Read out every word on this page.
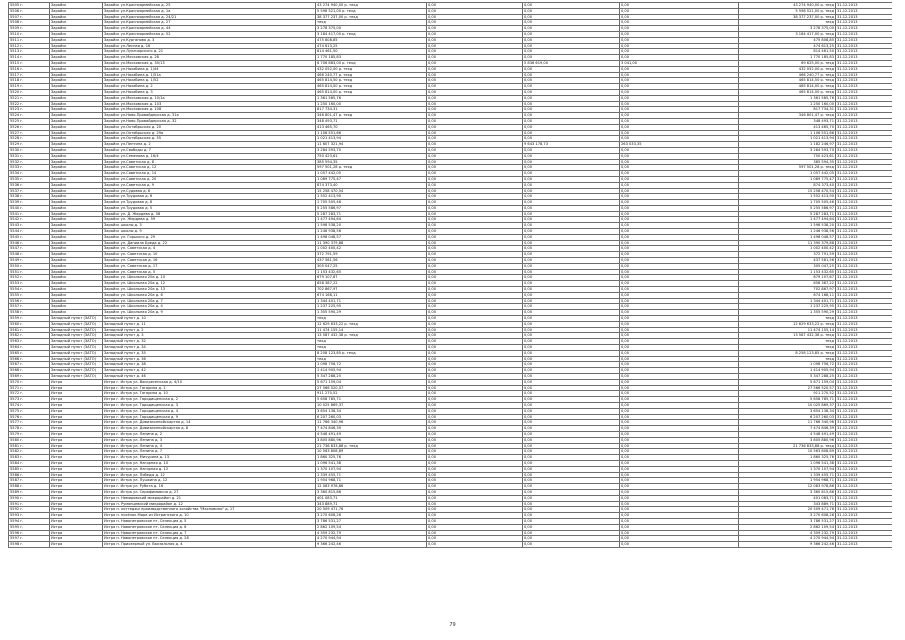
5505 г.	Зарайск	Зарайск ул.Красноармейская д. 25	43 274 940,00 р. техд	0,00	0,00	0,00	43 274 940,00 р. техд	31.12.2013
5506 г.	Зарайск	Зарайск ул.Красноармейская д. 1а	5 598 521,00 р. техд	0,00	0,00	0,00	5 598 521,00 р. техд	31.12.2013
5507 г.	Зарайск	Зарайск ул.Красноармейская д. 24/21	38 377 237,00 р. техд	0,00	0,00	0,00	38 377 237,00 р. техд	31.12.2013
5508 г.	Зарайск	Зарайск ул.Красноармейская д. 27	техд	0,00	0,00	0,00	техд	31.12.2013
5509 г.	Зарайск	Зарайск ул.Красноармейская д. 44	3 278 375,00	0,00	0,00	0,00	3 278 375,00	31.12.2013
5510 г.	Зарайск	Зарайск ул.Красноармейская д. 52	3 184 417,00 р. техд	0,00	0,00	0,00	3 184 417,00 р. техд	31.12.2013
5511 г.	Зарайск	Зарайск ул.Курганова д. 3	475 808,85	0,00	0,00	0,00	475 808,85	31.12.2013
5512 г.	Зарайск	Зарайск ул.Лесная д. 16	474 613,25	0,00	0,00	0,00	474 613,25	31.12.2013
5513 г.	Зарайск	Зарайск ул.Луначарского д. 21	814 461,50	0,00	0,00	0,00	814 461,50	31.12.2013
5514 г.	Зарайск	Зарайск ул.Московская д. 28	1 770 185,83	0,00	0,00	0,00	1 770 185,83	31.12.2013
5515 г.	Зарайск	Зарайск ул.Московская д. 30/13	6 706 883,00 р. техд	0,00	5 836 619,00	3 041,00	69 625,00 р. техд	31.12.2013
5516 г.	Зарайск	Зарайск ул.Нахабина д. 1/44	432 052,00 р. техд	0,00	0,00	0,00	432 052,00 р. техд	31.12.2013
5517 г.	Зарайск	Зарайск ул.Нахабина д. 1/51а	466 240,77 р. техд	0,00	0,00	0,00	466 240,77 р. техд	31.12.2013
5518 г.	Зарайск	Зарайск ул.Нахабина д. 1/52	465 814,50 р. техд	0,00	0,00	0,00	465 814,50 р. техд	31.12.2013
5519 г.	Зарайск	Зарайск ул.Нахабина д. 2	465 814,00 р. техд	0,00	0,00	0,00	465 814,00 р. техд	31.12.2013
5520 г.	Зарайск	Зарайск ул.Нахабина д. 3	465 814,00 р. техд	0,00	0,00	0,00	465 814,00 р. техд	31.12.2013
5521 г.	Зарайск	Зарайск ул.Московская д. 10/1а	1 361 585,76	0,00	0,00	0,00	1 361 585,76	31.12.2013
5522 г.	Зарайск	Зарайск ул.Московская д. 103	1 250 160,00	0,00	0,00	0,00	1 250 160,00	31.12.2013
5523 г.	Зарайск	Зарайск ул.Московская д. 108	817 734,31	0,00	0,00	0,00	817 734,31	31.12.2013
5524 г.	Зарайск	Зарайск ул.Ново-Провайдерская д. 31а	346 801,47 р. техд	0,00	0,00	0,00	346 801,47 р. техд	31.12.2013
5525 г.	Зарайск	Зарайск ул.Ново-Провайдерская д. 32	348 493,71	0,00	0,00	0,00	348 493,71	31.12.2013
5526 г.	Зарайск	Зарайск ул.Октябрьская д. 20	413 465,70	0,00	0,00	0,00	413 465,70	31.12.2013
5527 г.	Зарайск	Зарайск ул.Октябрьская д. 29а	1 106 551,66	0,00	0,00	0,00	1 106 551,66	31.12.2013
5528 г.	Зарайск	Зарайск ул.Октябрьская д. 55	1 021 413,94	0,00	0,00	0,00	1 021 413,94	31.12.2013
5529 г.	Зарайск	Зарайск ул.Пентина д. 2	11 607 321,94	0,00	9 643 178,73	263 033,35	1 182 246,97	31.12.2013
5530 г.	Зарайск	Зарайск ул.Свободы д. 7	3 284 593,70	0,00	0,00	0,00	3 284 593,70	31.12.2013
5531 г.	Зарайск	Зарайск ул.Семенова д. 16/4	750 423,61	0,00	0,00	0,00	750 423,61	31.12.2013
5532 г.	Зарайск	Зарайск ул.Советская д. 8	385 594,35	0,00	0,00	0,00	385 594,35	31.12.2013
5533 г.	Зарайск	Зарайск ул.Советская д. 12	597 501,28 р. техд	0,00	0,00	0,00	597 501,28 р. техд	31.12.2013
5534 г.	Зарайск	Зарайск ул.Советская д. 14	1 057 442,05	0,00	0,00	0,00	1 057 442,05	31.12.2013
5535 г.	Зарайск	Зарайск ул.Советская д. 20	1 089 775,47	0,00	0,00	0,00	1 089 775,47	31.12.2013
5536 г.	Зарайск	Зарайск ул.Советская д. 9	874 373,40	0,00	0,00	0,00	874 373,40	31.12.2013
5537 г.	Зарайск	Зарайск ул.Судовая д. 6	15 258 470,54	0,00	0,00	0,00	15 258 470,54	31.12.2013
5538 г.	Зарайск	Зарайск ул.Трудовая д. 6	1 552 413,90	0,00	0,00	0,00	1 552 413,90	31.12.2013
5539 г.	Зарайск	Зарайск ул.Трудовая д. 8	1 705 505,46	0,00	0,00	0,00	1 705 505,46	31.12.2013
5540 г.	Зарайск	Зарайск ул.Трудовая д. 5	5 255 586,97	0,00	0,00	0,00	5 255 586,97	31.12.2013
5541 г.	Зарайск	Зарайск ул. Д. Жердева д. 58	5 287 283,71	0,00	0,00	0,00	5 287 283,71	31.12.2013
5542 г.	Зарайск	Зарайск ул. Жердева д. 59	1 477 494,64	0,00	0,00	0,00	1 477 494,64	31.12.2013
5543 г.	Зарайск	Зарайск школы д. 3	1 598 538,20	0,00	0,00	0,00	1 598 538,20	31.12.2013
5544 г.	Зарайск	Зарайск школы д. 9	1 246 938,56	0,00	0,00	0,00	1 246 938,56	31.12.2013
5545 г.	Зарайск	Зарайск ул. Горького д. 29	1 498 048,57	0,00	0,00	0,00	1 498 048,57	31.12.2013
5546 г.	Зарайск	Зарайск ул. Даниила Бреда д. 22	11 390 379,88	0,00	0,00	0,00	11 390 379,88	31.12.2013
5547 г.	Зарайск	Зарайск ул. Советская д. 4	1 002 400,42	0,00	0,00	0,00	1 002 400,42	31.12.2013
5548 г.	Зарайск	Зарайск ул. Советская д. 10	372 791,59	0,00	0,00	0,00	372 791,59	31.12.2013
5549 г.	Зарайск	Зарайск ул. Советская д. 16	437 581,56	0,00	0,00	0,00	437 581,56	31.12.2013
5550 г.	Зарайск	Зарайск ул. Советская д. 17	305 047,25	0,00	0,00	0,00	305 047,25	31.12.2013
5551 г.	Зарайск	Зарайск ул. Советская д. 5	1 153 432,65	0,00	0,00	0,00	1 153 432,65	31.12.2013
5552 г.	Зарайск	Зарайск ул. Школьная 20а д. 10	679 107,67	0,00	0,00	0,00	679 107,67	31.12.2013
5553 г.	Зарайск	Зарайск ул. Школьная 20а д. 12	658 387,22	0,00	0,00	0,00	658 387,22	31.12.2013
5554 г.	Зарайск	Зарайск ул. Школьная 20а д. 13	702 867,97	0,00	0,00	0,00	702 867,97	31.12.2013
5555 г.	Зарайск	Зарайск ул. Школьная 20а д. 6	674 168,11	0,00	0,00	0,00	674 168,11	31.12.2013
5556 г.	Зарайск	Зарайск ул. Школьная 20а д. 7	1 344 401,71	0,00	0,00	0,00	1 344 401,71	31.12.2013
5557 г.	Зарайск	Зарайск ул. Школьная 20а д. 4	1 237 225,95	0,00	0,00	0,00	1 237 225,95	31.12.2013
5558 г.	Зарайск	Зарайск ул. Школьная 20а д. 9	1 355 590,29	0,00	0,00	0,00	1 355 590,29	31.12.2013
5559 г.	Западный пункт (ЗАТО)	Западный пункт д. 10	техд	0,00	0,00	0,00	техд	31.12.2013
5560 г.	Западный пункт (ЗАТО)	Западный пункт д. 11	12 629 633,22 р. техд	0,00	0,00	0,00	12 629 633,22 р. техд	31.12.2013
5561 г.	Западный пункт (ЗАТО)	Западный пункт д. 2	11 474 155,14	0,00	0,00	0,00	11 474 155,14	31.12.2013
5562 г.	Западный пункт (ЗАТО)	Западный пункт д. 3	13 587 432,38 р. техд	0,00	0,00	0,00	13 587 432,38 р. техд	31.12.2013
5563 г.	Западный пункт (ЗАТО)	Западный пункт д. 32	техд	0,00	0,00	0,00	техд	31.12.2013
5564 г.	Западный пункт (ЗАТО)	Западный пункт д. 34	техд	0,00	0,00	0,00	техд	31.12.2013
5565 г.	Западный пункт (ЗАТО)	Западный пункт д. 35	8 258 123,85 р. техд	0,00	0,00	0,00	8 258 123,85 р. техд	31.12.2013
5566 г.	Западный пункт (ЗАТО)	Западный пункт д. 36	техд	0,00	0,00	0,00	техд	31.12.2013
5567 г.	Западный пункт (ЗАТО)	Западный пункт д. 38	1 098 756,72	0,00	0,00	0,00	1 098 756,72	31.12.2013
5568 г.	Западный пункт (ЗАТО)	Западный пункт д. 42	1 414 905,94	0,00	0,00	0,00	1 414 905,94	31.12.2013
5569 г.	Западный пункт (ЗАТО)	Западный пункт д. 46	5 347 288,25	0,00	0,00	0,00	5 347 288,25	31.12.2013
5570 г.	Истра	Истра г. Истра ул. Воскресенская д. 4/10	5 671 159,04	0,00	0,00	0,00	5 671 159,04	31.12.2013
5571 г.	Истра	Истра г. Истра ул. Гагарина д. 1	27 566 520,57	0,00	0,00	0,00	27 566 520,57	31.12.2013
5572 г.	Истра	Истра г. Истра ул. Гагарина д. 10	911 270,52	0,00	0,00	0,00	911 270,52	31.12.2013
5573 г.	Истра	Истра г. Истра ул. Городищенская д. 2	5 658 785,71	0,00	0,00	0,00	5 658 785,71	31.12.2013
5574 г.	Истра	Истра г. Истра ул. Городищенская д. 3	10 025 869,37	0,00	0,00	0,00	10 025 869,37	31.12.2013
5575 г.	Истра	Истра г. Истра ул. Городищенская д. 4	3 654 138,34	0,00	0,00	0,00	3 654 138,34	31.12.2013
5576 г.	Истра	Истра г. Истра ул. Городищенская д. 9	6 207 260,03	0,00	0,00	0,00	6 207 260,03	31.12.2013
5577 г.	Истра	Истра г. Истра ул. Дивизионнойскартая д. 14	11 766 340,96	0,00	0,00	0,00	11 766 340,96	31.12.2013
5578 г.	Истра	Истра г. Истра ул. Дивизионнойскартая д. 8	7 474 846,39	0,00	0,00	0,00	7 474 846,39	31.12.2013
5579 г.	Истра	Истра г. Истра ул. Ленина д. 2	4 548 491,49	0,00	0,00	0,00	4 548 491,49	31.12.2013
5580 г.	Истра	Истра г. Истра ул. Ленина д. 3	3 805 880,96	0,00	0,00	0,00	3 805 880,96	31.12.2013
5581 г.	Истра	Истра г. Истра ул. Ленина д. 4	21 736 833,88 р. техд	0,00	0,00	0,00	21 736 833,88 р. техд	31.12.2013
5582 г.	Истра	Истра г. Истра ул. Ленина д. 7	10 563 808,89	0,00	0,00	0,00	10 563 808,89	31.12.2013
5583 г.	Истра	Истра г. Истра ул. Мичурина д. 13	1 860 325,76	0,00	0,00	0,00	1 860 325,76	31.12.2013
5584 г.	Истра	Истра г. Истра ул. Нагорная д. 10	1 096 541,38	0,00	0,00	0,00	1 096 541,38	31.12.2013
5585 г.	Истра	Истра г. Истра ул. Нагорная д. 12	1 370 107,94	0,00	0,00	0,00	1 370 107,94	31.12.2013
5586 г.	Истра	Истра г. Истра ул. Победы д. 12	1 339 455,71	0,00	0,00	0,00	1 339 455,71	31.12.2013
5587 г.	Истра	Истра г. Истра ул. Пушкина д. 12	1 954 968,71	0,00	0,00	0,00	1 954 968,71	31.12.2013
5588 г.	Истра	Истра г. Истра ул. Рубота д. 16	12 083 978,86	0,00	0,00	0,00	12 083 978,86	31.12.2013
5589 г.	Истра	Истра г. Истра ул. Серафимовича д. 27	3 360 815,86	0,00	0,00	0,00	3 360 815,86	31.12.2013
5590 г.	Истра	Истра п. Немировский микрорайон д. 21	401 083,71	0,00	0,00	0,00	401 083,71	31.12.2013
5591 г.	Истра	Истра п. Румянцевский микрорайон д. 12	343 889,71	0,00	0,00	0,00	343 889,71	31.12.2013
5592 г.	Истра	Истра п. коттеджи производственного хозяйства "Махновино" д. 17	20 509 471,76	0,00	0,00	0,00	20 509 471,76	31.12.2013
5593 г.	Истра	Истра п. посёлок Мира из Истринского д. 10	3 270 608,26	0,00	0,00	0,00	3 270 608,26	31.12.2013
5594 г.	Истра	Истра п. Новопетровское пт. Селекция д. 5	3 786 531,27	0,00	0,00	0,00	3 786 531,27	31.12.2013
5595 г.	Истра	Истра п. Новопетровское пт. Селекция д. 6	2 862 109,54	0,00	0,00	0,00	2 862 109,54	31.12.2013
5596 г.	Истра	Истра п. Новопетровское пт. Селекция д. 7	4 359 232,79	0,00	0,00	0,00	4 359 232,79	31.12.2013
5597 г.	Истра	Истра п. Новопетровское пт. Селекция д. 28	4 270 944,94	0,00	0,00	0,00	4 270 944,94	31.12.2013
5598 г.	Истра	Истра п. Приозерный ул. Вокзальная д. 4	9 366 242,46	0,00	0,00	0,00	9 366 242,46	31.12.2013
79
